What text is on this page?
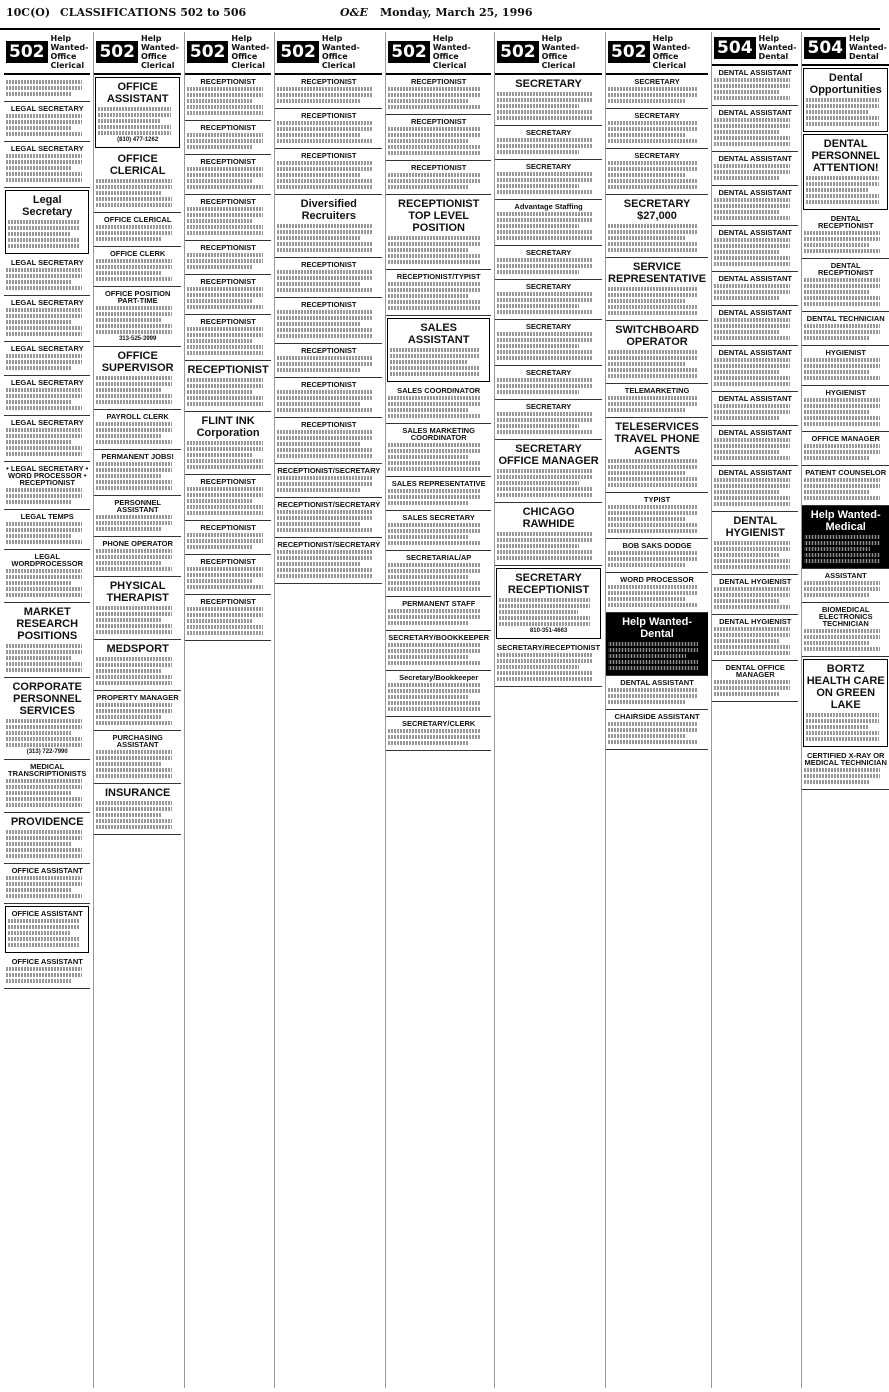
10C(O) CLASSIFICATIONS 502 to 506	O&E Monday, March 25, 1996
502
Help Wanted- Office Clerical
LEGAL SECRETARY
LEGAL SECRETARY
Legal Secretary
LEGAL SECRETARY
LEGAL SECRETARY
LEGAL SECRETARY
LEGAL SECRETARY
LEGAL SECRETARY
• LEGAL SECRETARY • WORD PROCESSOR • RECEPTIONIST
LEGAL TEMPS
LEGAL WORDPROCESSOR
MARKET RESEARCH POSITIONS
CORPORATE PERSONNEL SERVICES
(313) 722-7990
MEDICAL TRANSCRIPTIONISTS
PROVIDENCE
OFFICE ASSISTANT
OFFICE ASSISTANT
OFFICE ASSISTANT
502
Help Wanted- Office Clerical
OFFICE ASSISTANT
(810) 477-1262
OFFICE CLERICAL
OFFICE CLERICAL
OFFICE CLERK
OFFICE POSITION PART-TIME
313-525-3999
OFFICE SUPERVISOR
PAYROLL CLERK
PERMANENT JOBS!
PERSONNEL ASSISTANT
PHONE OPERATOR
PHYSICAL THERAPIST
MEDSPORT
PROPERTY MANAGER
PURCHASING ASSISTANT
INSURANCE
502
Help Wanted- Office Clerical
RECEPTIONIST
RECEPTIONIST
RECEPTIONIST
RECEPTIONIST
RECEPTIONIST
RECEPTIONIST
RECEPTIONIST
RECEPTIONIST
FLINT INK Corporation
RECEPTIONIST
RECEPTIONIST
RECEPTIONIST
RECEPTIONIST
502
Help Wanted- Office Clerical
RECEPTIONIST
RECEPTIONIST
RECEPTIONIST
Diversified Recruiters
RECEPTIONIST
RECEPTIONIST
RECEPTIONIST
RECEPTIONIST
RECEPTIONIST
RECEPTIONIST/SECRETARY
RECEPTIONIST/SECRETARY
RECEPTIONIST/SECRETARY
502
Help Wanted- Office Clerical
RECEPTIONIST
RECEPTIONIST
RECEPTIONIST
RECEPTIONIST TOP LEVEL POSITION
RECEPTIONIST/TYPIST
SALES ASSISTANT
SALES COORDINATOR
SALES MARKETING COORDINATOR
SALES REPRESENTATIVE
SALES SECRETARY
SECRETARIAL/AP
PERMANENT STAFF
SECRETARY/BOOKKEEPER
Secretary/Bookkeeper
SECRETARY/CLERK
502
Help Wanted- Office Clerical
SECRETARY
SECRETARY
SECRETARY
Advantage Staffing
SECRETARY
SECRETARY
SECRETARY
SECRETARY
SECRETARY
SECRETARY OFFICE MANAGER
CHICAGO RAWHIDE
SECRETARY RECEPTIONIST
810-351-4663
SECRETARY/RECEPTIONIST
502
Help Wanted- Office Clerical
SECRETARY
SECRETARY
SECRETARY
SECRETARY $27,000
SERVICE REPRESENTATIVE
SWITCHBOARD OPERATOR
TELEMARKETING
TELESERVICES TRAVEL PHONE AGENTS
TYPIST
BOB SAKS DODGE
WORD PROCESSOR
Help Wanted-Dental
DENTAL ASSISTANT
CHAIRSIDE ASSISTANT
504 Help Wanted-Dental
DENTAL ASSISTANT
DENTAL ASSISTANT
DENTAL ASSISTANT
DENTAL ASSISTANT
DENTAL ASSISTANT
DENTAL ASSISTANT
DENTAL ASSISTANT
DENTAL ASSISTANT
DENTAL ASSISTANT
DENTAL ASSISTANT
DENTAL ASSISTANT
DENTAL HYGIENIST
DENTAL HYGIENIST
DENTAL HYGIENIST
DENTAL OFFICE MANAGER
504 Help Wanted-Dental
Dental Opportunities
DENTAL PERSONNEL ATTENTION!
DENTAL RECEPTIONIST
DENTAL RECEPTIONIST
DENTAL TECHNICIAN
HYGIENIST
HYGIENIST
OFFICE MANAGER
PATIENT COUNSELOR
Help Wanted- Medical
ASSISTANT
BIOMEDICAL ELECTRONICS TECHNICIAN
BORTZ HEALTH CARE ON GREEN LAKE
CERTIFIED X-RAY OR MEDICAL TECHNICIAN
